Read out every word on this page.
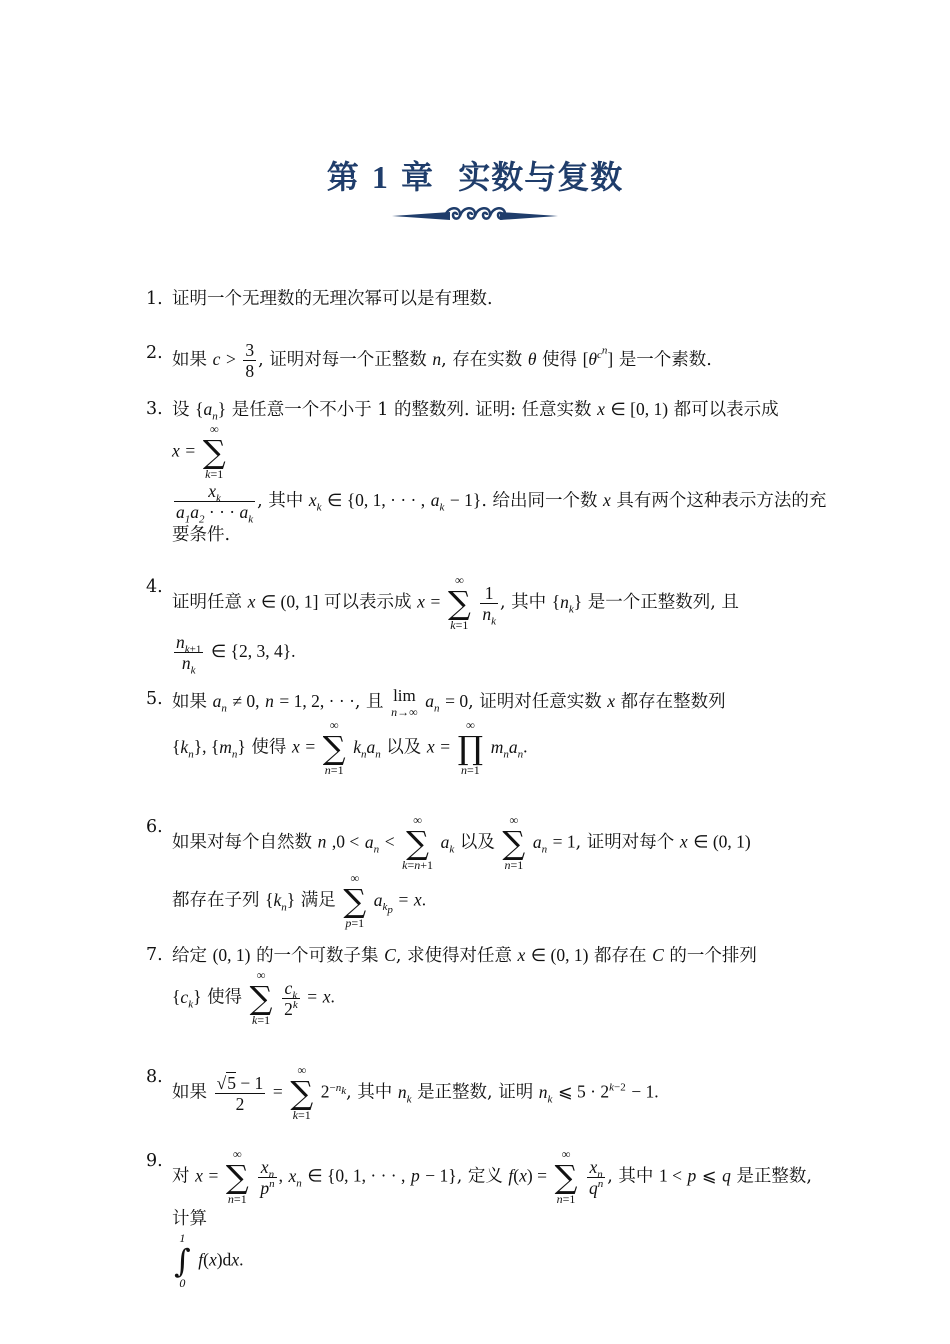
第 1 章 实数与复数
1. 证明一个无理数的无理次幂可以是有理数.
2. 如果 $c > \frac{3}{8}$ , 证明对每一个正整数 n, 存在实数 θ 使得 $[\theta^{c^n}]$ 是一个素数.
3. 设 $\{a_n\}$ 是任意一个不小于 1 的整数列. 证明: 任意实数 x ∈ [0, 1) 都可以表示成
x =
∞
∑
k=1

$\frac{x_k}{a_1a_2 \cdot \cdot \cdot a_k}$ , 其中 $x_k$ ∈ {0, 1, · · · , $a_k - 1$}. 给出同一个数 x 具有两个这种表示方法的充要条件.
4.
证明任意 x ∈ (0, 1] 可以表示成 x =
∞
∑
k=1

$\frac{1}{n_k}$ , 其中 $\{n_k\}$ 是一个正整数列, 且

$\frac{n_{k+1}}{n_k}$ ∈ {2, 3, 4}.
5. 如果 $a_n \ne 0$, n = 1, 2, · · ·, 且 lim
n→∞
$a_n = 0$, 证明对任意实数 x 都存在整数列
$\{k_n\}$, $\{m_n\}$ 使得 x =
∞
∑
n=1
$k_na_n$ 以及 x =
∞
∏
n=1
$m_na_n$.
6.
如果对每个自然数 n $,0 < a_n$ <
∞
∑
k=n+1
$a_k$ 以及
∞
∑
n=1
$a_n = 1$, 证明对每个 x ∈ (0, 1)
都存在子列 $\{k_n\}$ 满足
∞
∑
p=1
$a_{k_p} = x$.
7. 给定 (0, 1) 的一个可数子集 C, 求使得对任意 x ∈ (0, 1) 都存在 C 的一个排列
$\{c_k\}$ 使得
∞
∑
k=1

$\frac{c_k}{2^k} = x$.
8.
如果 $\frac{√5 - 1}{2}$ =
∞
∑
k=1
$2^{-n_k}$, 其中 $n_k$ 是正整数, 证明 $n_k$ ⩽ $5 \cdot 2^{k-2} - 1$.
9.
对 x =
∞
∑
n=1

$\frac{x_n}{p^n}$ , $x_n$ ∈ {0, 1, · · · , p − 1}, 定义 f(x) =
∞
∑
n=1

$\frac{x_n}{q^n}$ , 其中 1 < p ⩽ q 是正整数, 计算

1
∫
0
f(x)dx.
